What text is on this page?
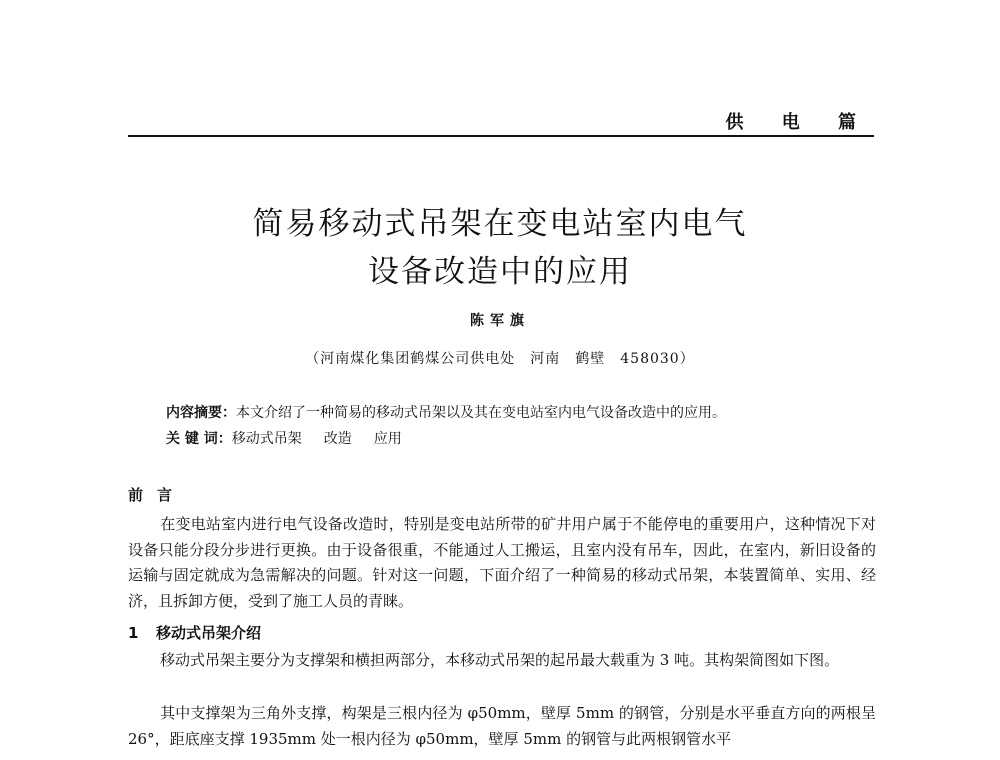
供 电 篇
简易移动式吊架在变电站室内电气
设备改造中的应用
陈军旗
（河南煤化集团鹤煤公司供电处　河南　鹤壁　458030）
内容摘要：本文介绍了一种简易的移动式吊架以及其在变电站室内电气设备改造中的应用。
关 键 词：移动式吊架 改造 应用
前言
在变电站室内进行电气设备改造时，特别是变电站所带的矿井用户属于不能停电的重要用户，这种情况下对设备只能分段分步进行更换。由于设备很重，不能通过人工搬运，且室内没有吊车，因此，在室内，新旧设备的运输与固定就成为急需解决的问题。针对这一问题，下面介绍了一种简易的移动式吊架，本装置简单、实用、经济，且拆卸方便，受到了施工人员的青睐。
1 移动式吊架介绍
移动式吊架主要分为支撑架和横担两部分，本移动式吊架的起吊最大载重为 3 吨。其构架简图如下图。
其中支撑架为三角外支撑，构架是三根内径为 φ50mm，壁厚 5mm 的钢管，分别是水平垂直方向的两根呈 26°，距底座支撑 1935mm 处一根内径为 φ50mm，壁厚 5mm 的钢管与此两根钢管水平
